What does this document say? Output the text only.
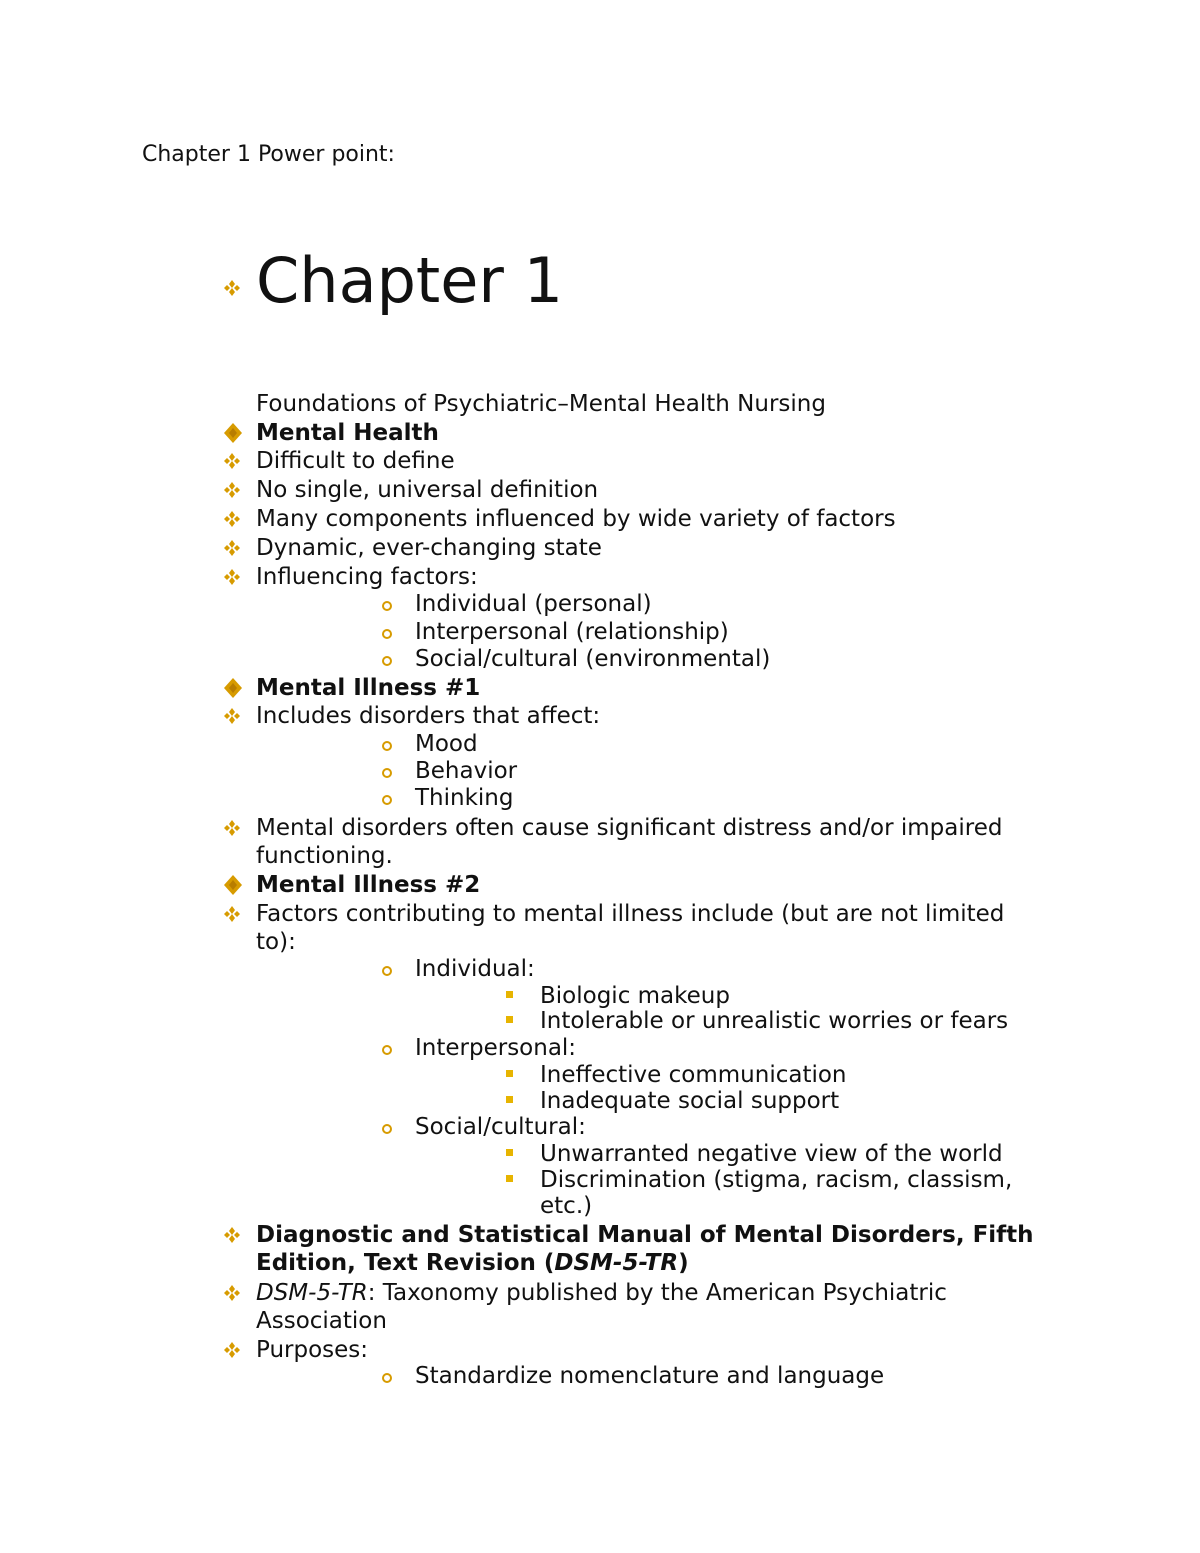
Chapter 1 Power point:
Chapter 1
Foundations of Psychiatric–Mental Health Nursing
Mental Health
Difficult to define
No single, universal definition
Many components influenced by wide variety of factors
Dynamic, ever-changing state
Influencing factors:
Individual (personal)
Interpersonal (relationship)
Social/cultural (environmental)
Mental Illness #1
Includes disorders that affect:
Mood
Behavior
Thinking
Mental disorders often cause significant distress and/or impaired
functioning.
Mental Illness #2
Factors contributing to mental illness include (but are not limited
to):
Individual:
Biologic makeup
Intolerable or unrealistic worries or fears
Interpersonal:
Ineffective communication
Inadequate social support
Social/cultural:
Unwarranted negative view of the world
Discrimination (stigma, racism, classism,
etc.)
Diagnostic and Statistical Manual of Mental Disorders, Fifth
Edition, Text Revision (DSM-5-TR)
DSM-5-TR: Taxonomy published by the American Psychiatric
Association
Purposes:
Standardize nomenclature and language
